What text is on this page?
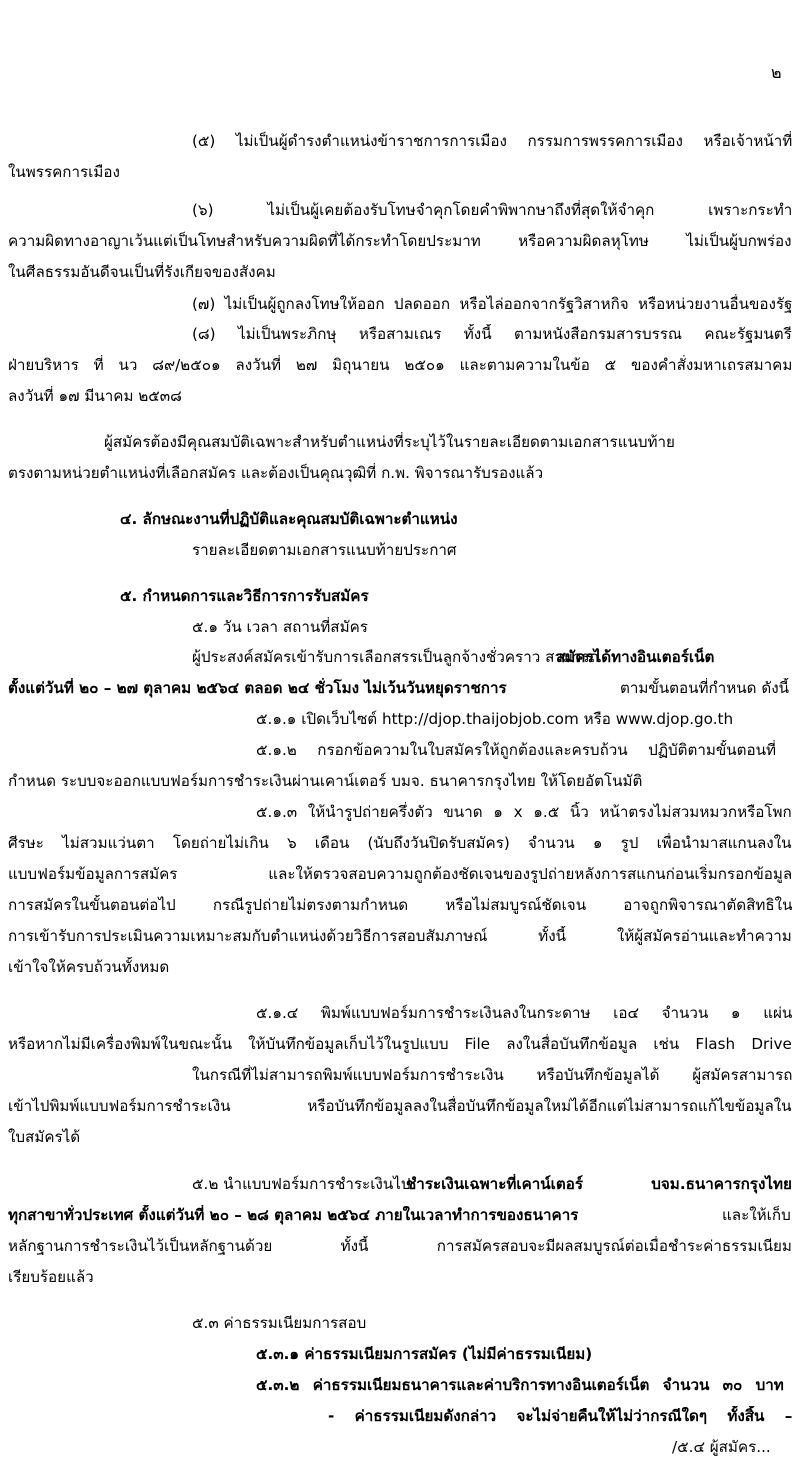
๒

(๕) ไม่เป็นผู้ดำรงตำแหน่งข้าราชการการเมือง กรรมการพรรคการเมือง หรือเจ้าหน้าที่

ในพรรคการเมือง

(๖) ไม่เป็นผู้เคยต้องรับโทษจำคุกโดยคำพิพากษาถึงที่สุดให้จำคุก เพราะกระทำ

ความผิดทางอาญาเว้นแต่เป็นโทษสำหรับความผิดที่ได้กระทำโดยประมาท หรือความผิดลหุโทษ ไม่เป็นผู้บกพร่อง

ในศีลธรรมอันดีจนเป็นที่รังเกียจของสังคม

(๗) ไม่เป็นผู้ถูกลงโทษให้ออก ปลดออก หรือไล่ออกจากรัฐวิสาหกิจ หรือหน่วยงานอื่นของรัฐ

(๘) ไม่เป็นพระภิกษุ หรือสามเณร ทั้งนี้ ตามหนังสือกรมสารบรรณ คณะรัฐมนตรี

ฝ่ายบริหาร ที่ นว ๘๙/๒๕๐๑ ลงวันที่ ๒๗ มิถุนายน ๒๕๐๑ และตามความในข้อ ๕ ของคำสั่งมหาเถรสมาคม

ลงวันที่ ๑๗ มีนาคม ๒๕๓๘

ผู้สมัครต้องมีคุณสมบัติเฉพาะสำหรับตำแหน่งที่ระบุไว้ในรายละเอียดตามเอกสารแนบท้าย

ตรงตามหน่วยตำแหน่งที่เลือกสมัคร และต้องเป็นคุณวุฒิที่ ก.พ. พิจารณารับรองแล้ว

๔. ลักษณะงานที่ปฏิบัติและคุณสมบัติเฉพาะตำแหน่ง

รายละเอียดตามเอกสารแนบท้ายประกาศ

๕. กำหนดการและวิธีการการรับสมัคร

๕.๑ วัน เวลา สถานที่สมัคร

ผู้ประสงค์สมัครเข้ารับการเลือกสรรเป็นลูกจ้างชั่วคราว สามารถ

สมัครได้ทางอินเตอร์เน็ต

ตั้งแต่วันที่ ๒๐ – ๒๗ ตุลาคม ๒๕๖๔ ตลอด ๒๔ ชั่วโมง ไม่เว้นวันหยุดราชการ	ตามขั้นตอนที่กำหนด ดังนี้

๕.๑.๑ เปิดเว็บไซต์ http://djop.thaijobjob.com หรือ www.djop.go.th

๕.๑.๒ กรอกข้อความในใบสมัครให้ถูกต้องและครบถ้วน ปฏิบัติตามขั้นตอนที่

กำหนด ระบบจะออกแบบฟอร์มการชำระเงินผ่านเคาน์เตอร์ บมจ. ธนาคารกรุงไทย ให้โดยอัตโนมัติ

๕.๑.๓ ให้นำรูปถ่ายครึ่งตัว ขนาด ๑ x ๑.๕ นิ้ว หน้าตรงไม่สวมหมวกหรือโพก

ศีรษะ ไม่สวมแว่นตา โดยถ่ายไม่เกิน ๖ เดือน (นับถึงวันปิดรับสมัคร) จำนวน ๑ รูป เพื่อนำมาสแกนลงใน

แบบฟอร์มข้อมูลการสมัคร และให้ตรวจสอบความถูกต้องชัดเจนของรูปถ่ายหลังการสแกนก่อนเริ่มกรอกข้อมูล

การสมัครในขั้นตอนต่อไป กรณีรูปถ่ายไม่ตรงตามกำหนด หรือไม่สมบูรณ์ชัดเจน อาจถูกพิจารณาตัดสิทธิใน

การเข้ารับการประเมินความเหมาะสมกับตำแหน่งด้วยวิธีการสอบสัมภาษณ์ ทั้งนี้ ให้ผู้สมัครอ่านและทำความ

เข้าใจให้ครบถ้วนทั้งหมด

๕.๑.๔ พิมพ์แบบฟอร์มการชำระเงินลงในกระดาษ เอ๔ จำนวน ๑ แผ่น

หรือหากไม่มีเครื่องพิมพ์ในขณะนั้น ให้บันทึกข้อมูลเก็บไว้ในรูปแบบ File ลงในสื่อบันทึกข้อมูล เช่น Flash Drive

ในกรณีที่ไม่สามารถพิมพ์แบบฟอร์มการชำระเงิน หรือบันทึกข้อมูลได้ ผู้สมัครสามารถ

เข้าไปพิมพ์แบบฟอร์มการชำระเงิน หรือบันทึกข้อมูลลงในสื่อบันทึกข้อมูลใหม่ได้อีกแต่ไม่สามารถแก้ไขข้อมูลใน

ใบสมัครได้

๕.๒ นำแบบฟอร์มการชำระเงินไป

ชำระเงินเฉพาะที่เคาน์เตอร์ บจม.ธนาคารกรุงไทย

ทุกสาขาทั่วประเทศ ตั้งแต่วันที่ ๒๐ – ๒๘ ตุลาคม ๒๕๖๔ ภายในเวลาทำการของธนาคาร	และให้เก็บ

หลักฐานการชำระเงินไว้เป็นหลักฐานด้วย ทั้งนี้ การสมัครสอบจะมีผลสมบูรณ์ต่อเมื่อชำระค่าธรรมเนียม

เรียบร้อยแล้ว

๕.๓ ค่าธรรมเนียมการสอบ

๕.๓.๑ ค่าธรรมเนียมการสมัคร (ไม่มีค่าธรรมเนียม)

๕.๓.๒ ค่าธรรมเนียมธนาคารและค่าบริการทางอินเตอร์เน็ต จำนวน ๓๐ บาท

- ค่าธรรมเนียมดังกล่าว จะไม่จ่ายคืนให้ไม่ว่ากรณีใดๆ ทั้งสิ้น –

/๕.๔ ผู้สมัคร...
